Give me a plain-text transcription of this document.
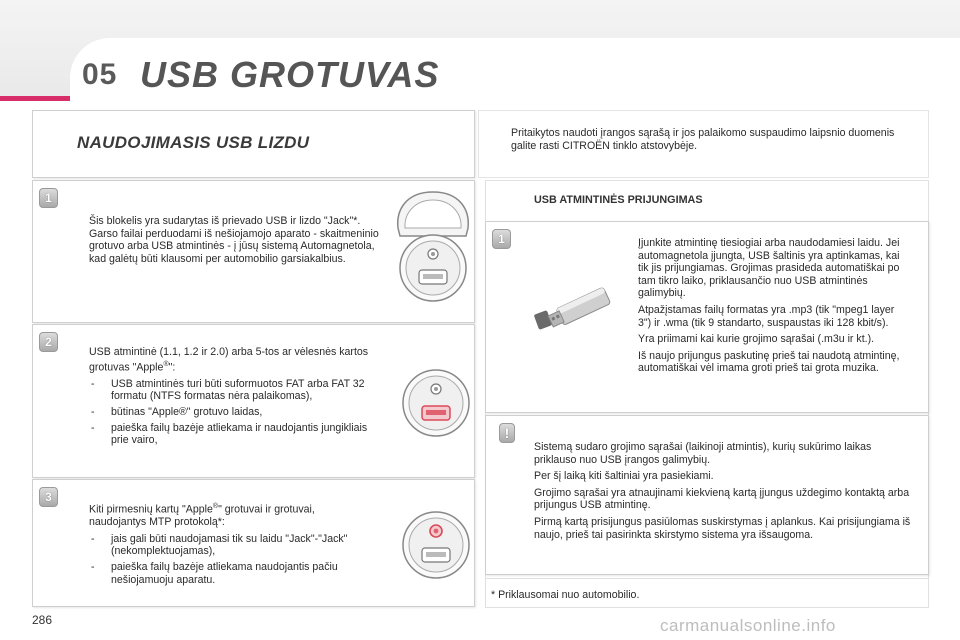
05 USB GROTUVAS
NAUDOJIMASIS USB LIZDU	Pritaikytos naudoti įrangos sąrašą ir jos palaikomo suspaudimo laipsnio duomenis galite rasti CITROËN tinklo atstovybėje.
1
Šis blokelis yra sudarytas iš prievado USB ir lizdo "Jack"*. Garso failai perduodami iš nešiojamojo aparato - skaitmeninio grotuvo arba USB atmintinės - į jūsų sistemą Automagnetola, kad galėtų būti klausomi per automobilio garsiakalbius.
2

USB atmintinė (1.1, 1.2 ir 2.0) arba 5-tos ar vėlesnės kartos grotuvas "Apple®":

-	USB atmintinės turi būti suformuotos FAT arba FAT 32 formatu (NTFS formatas nėra palaikomas),
-	būtinas "Apple®" grotuvo laidas,
-	paieška failų bazėje atliekama ir naudojantis jungikliais prie vairo,
3

Kiti pirmesnių kartų "Apple®" grotuvai ir grotuvai, naudojantys MTP protokolą*:

-	jais gali būti naudojamasi tik su laidu "Jack"-"Jack" (nekomplektuojamas),
-	paieška failų bazėje atliekama naudojantis pačiu nešiojamuoju aparatu.
USB ATMINTINĖS PRIJUNGIMAS
1	Įjunkite atmintinę tiesiogiai arba naudodamiesi laidu. Jei automagnetola įjungta, USB šaltinis yra aptinkamas, kai tik jis prijungiamas. Grojimas prasideda automatiškai po tam tikro laiko, priklausančio nuo USB atmintinės galimybių.

Atpažįstamas failų formatas yra .mp3 (tik "mpeg1 layer 3") ir .wma (tik 9 standarto, suspaustas iki 128 kbit/s).

Yra priimami kai kurie grojimo sąrašai (.m3u ir kt.).

Iš naujo prijungus paskutinę prieš tai naudotą atmintinę, automatiškai vėl imama groti prieš tai grota muzika.

!

Sistemą sudaro grojimo sąrašai (laikinoji atmintis), kurių sukūrimo laikas priklauso nuo USB įrangos galimybių.

Per šį laiką kiti šaltiniai yra pasiekiami.

Grojimo sąrašai yra atnaujinami kiekvieną kartą įjungus uždegimo kontaktą arba prijungus USB atmintinę.

Pirmą kartą prisijungus pasiūlomas suskirstymas į aplankus. Kai prisijungiama iš naujo, prieš tai pasirinkta skirstymo sistema yra išsaugoma.

* Priklausomai nuo automobilio.
286	carmanualsonline.info
